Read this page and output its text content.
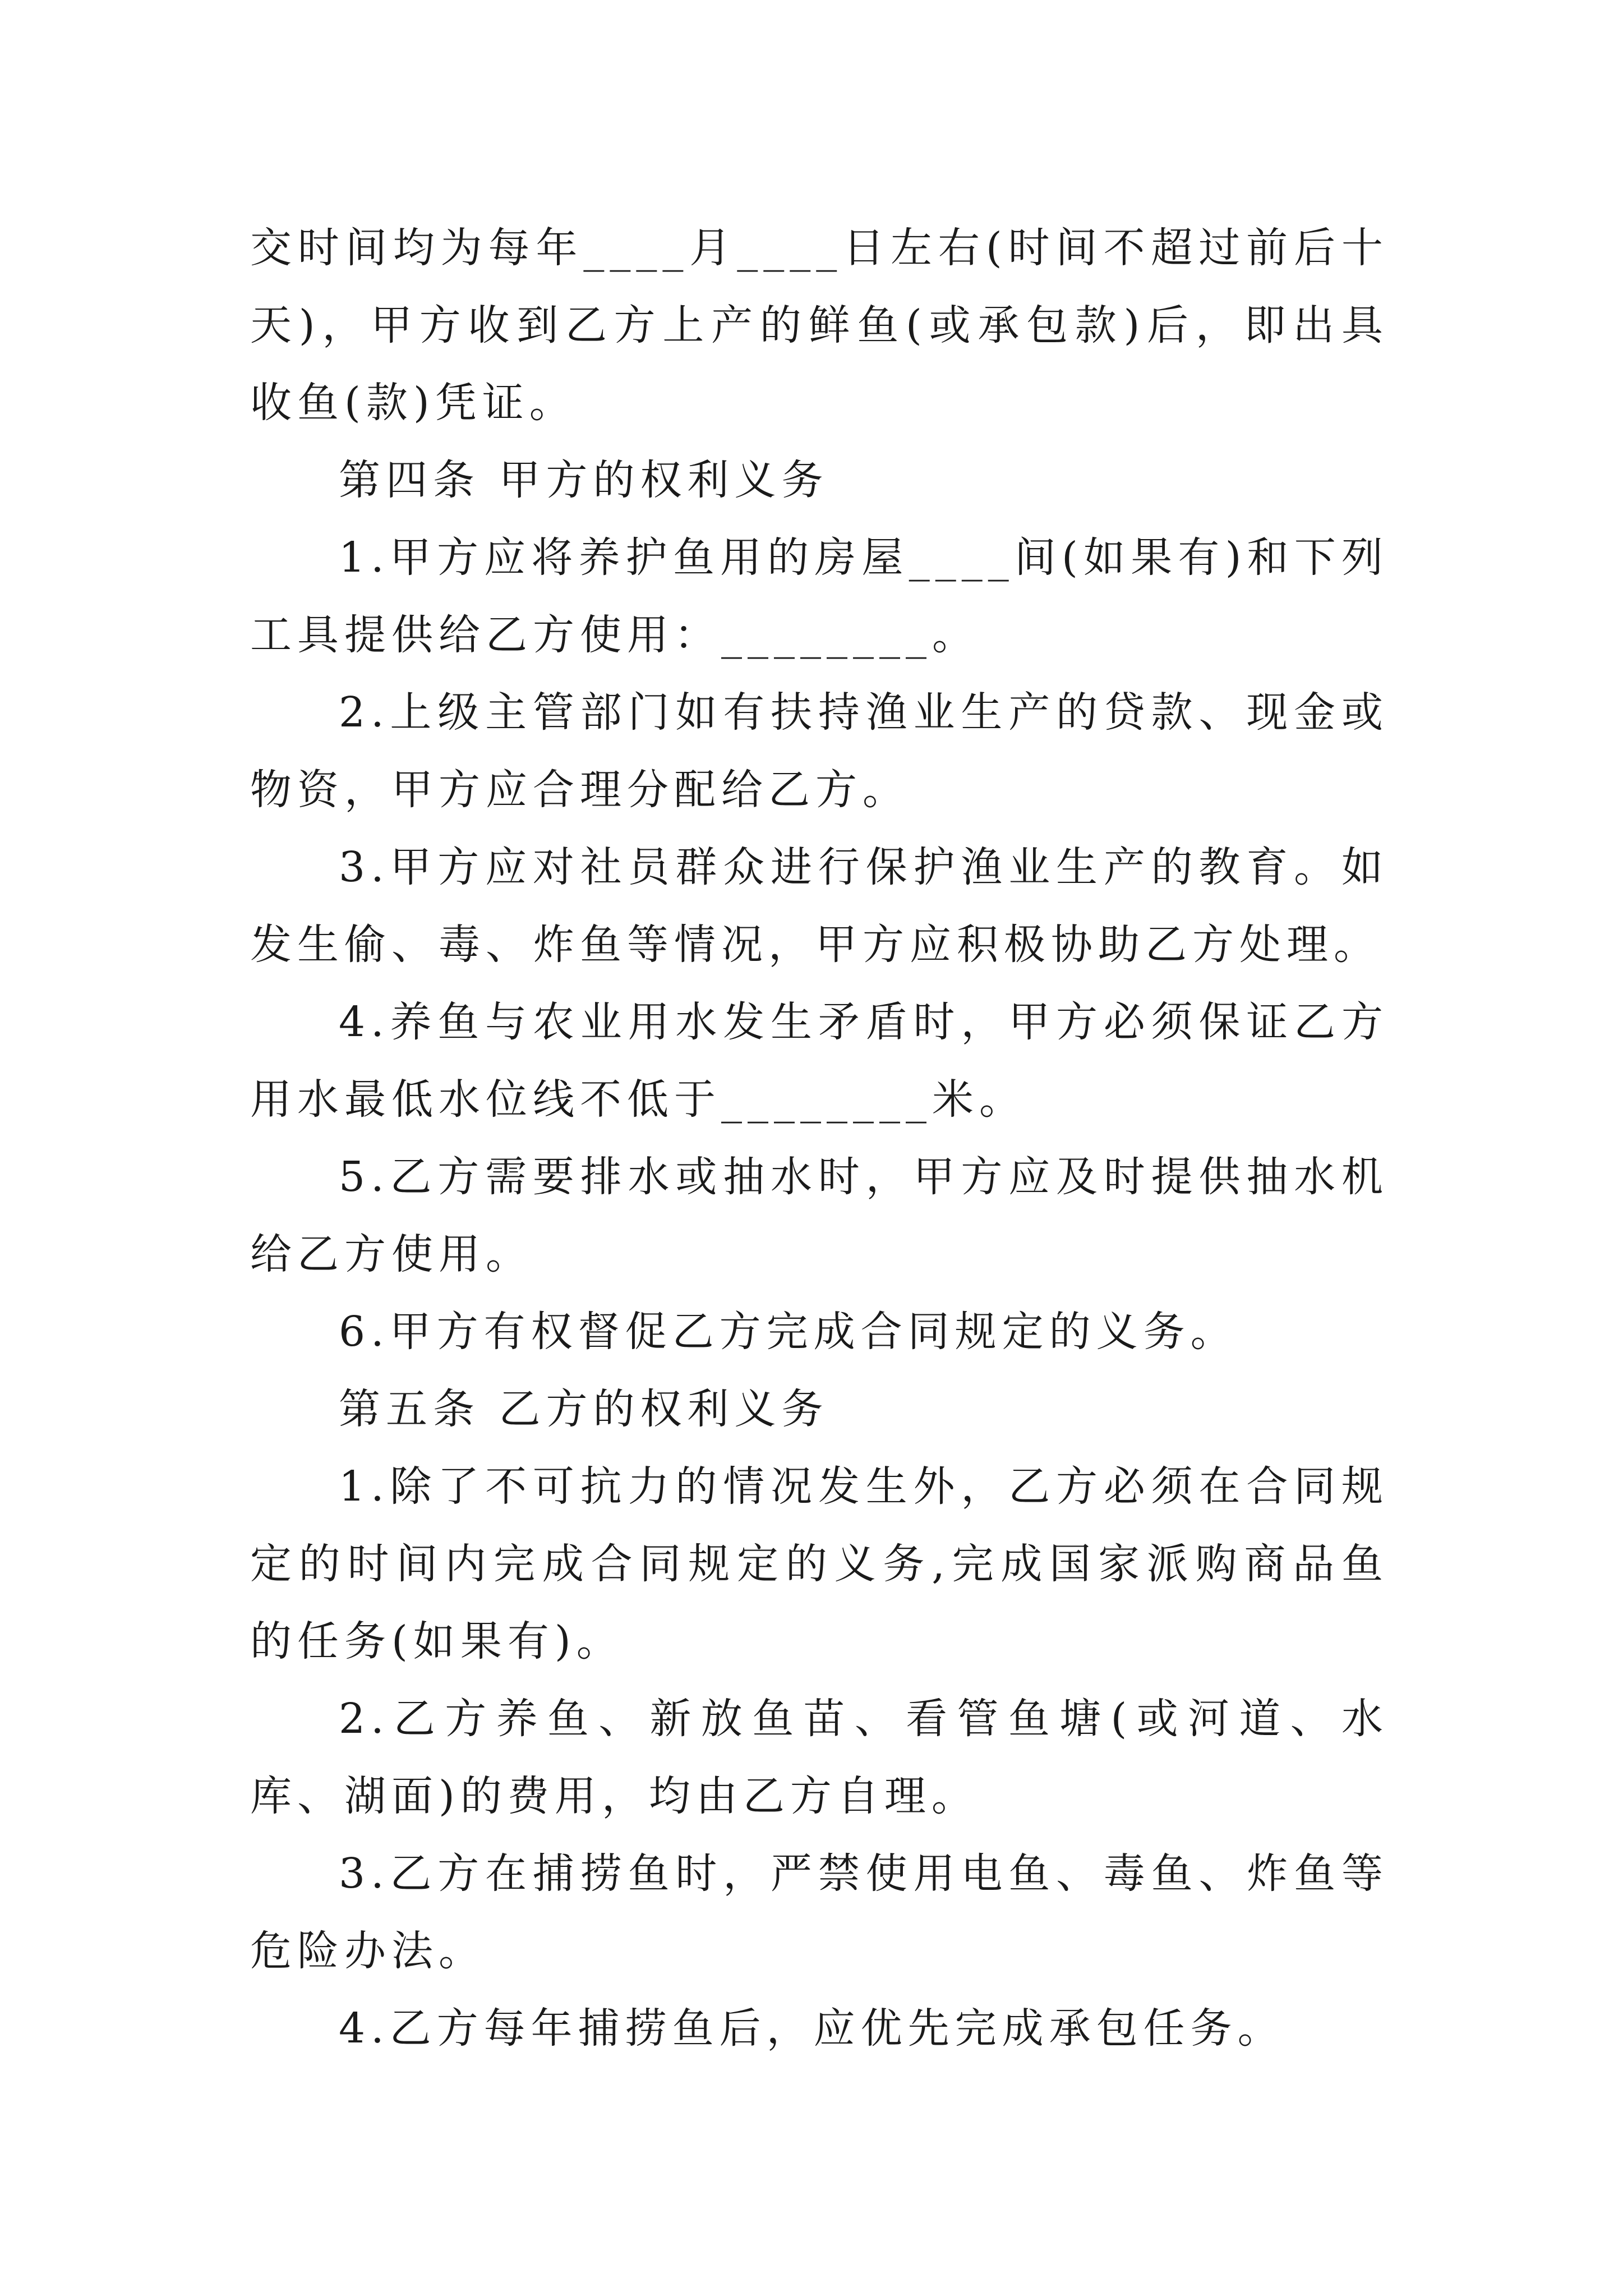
交时间均为每年____月____日左右(时间不超过前后十天)，甲方收到乙方上产的鲜鱼(或承包款)后，即出具收鱼(款)凭证。

第四条 甲方的权利义务

1.甲方应将养护鱼用的房屋____间(如果有)和下列工具提供给乙方使用：________。

2.上级主管部门如有扶持渔业生产的贷款、现金或物资，甲方应合理分配给乙方。

3.甲方应对社员群众进行保护渔业生产的教育。如发生偷、毒、炸鱼等情况，甲方应积极协助乙方处理。

4.养鱼与农业用水发生矛盾时，甲方必须保证乙方用水最低水位线不低于________米。

5.乙方需要排水或抽水时，甲方应及时提供抽水机给乙方使用。

6.甲方有权督促乙方完成合同规定的义务。

第五条 乙方的权利义务

1.除了不可抗力的情况发生外，乙方必须在合同规定的时间内完成合同规定的义务,完成国家派购商品鱼的任务(如果有)。

2.乙方养鱼、新放鱼苗、看管鱼塘(或河道、水库、湖面)的费用，均由乙方自理。

3.乙方在捕捞鱼时，严禁使用电鱼、毒鱼、炸鱼等危险办法。

4.乙方每年捕捞鱼后，应优先完成承包任务。
